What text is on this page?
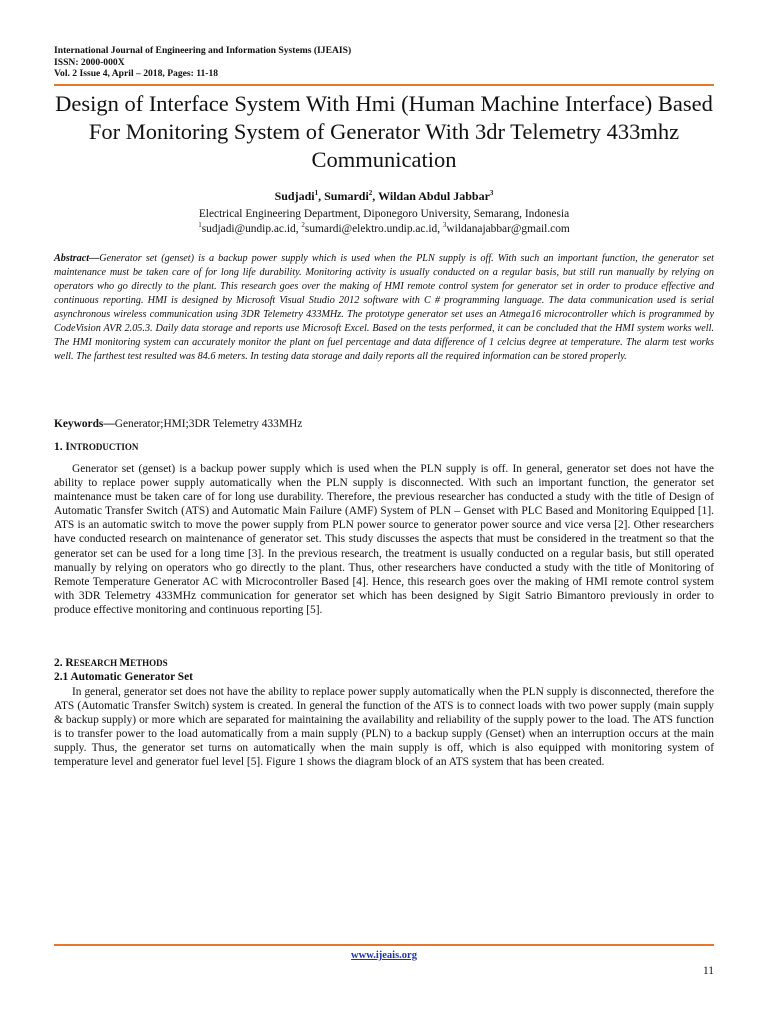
International Journal of Engineering and Information Systems (IJEAIS)
ISSN: 2000-000X
Vol. 2 Issue 4, April – 2018, Pages: 11-18
Design of Interface System With Hmi (Human Machine Interface) Based For Monitoring System of Generator With 3dr Telemetry 433mhz Communication
Sudjadi$^1$, Sumardi$^2$, Wildan Abdul Jabbar$^3$
Electrical Engineering Department, Diponegoro University, Semarang, Indonesia
$^1$sudjadi@undip.ac.id, $^2$sumardi@elektro.undip.ac.id, $^3$wildanajabbar@gmail.com
Abstract—Generator set (genset) is a backup power supply which is used when the PLN supply is off. With such an important function, the generator set maintenance must be taken care of for long life durability. Monitoring activity is usually conducted on a regular basis, but still run manually by relying on operators who go directly to the plant. This research goes over the making of HMI remote control system for generator set in order to produce effective and continuous reporting. HMI is designed by Microsoft Visual Studio 2012 software with C # programming language. The data communication used is serial asynchronous wireless communication using 3DR Telemetry 433MHz. The prototype generator set uses an Atmega16 microcontroller which is programmed by CodeVision AVR 2.05.3. Daily data storage and reports use Microsoft Excel. Based on the tests performed, it can be concluded that the HMI system works well. The HMI monitoring system can accurately monitor the plant on fuel percentage and data difference of 1 celcius degree at temperature. The alarm test works well. The farthest test resulted was 84.6 meters. In testing data storage and daily reports all the required information can be stored properly.
Keywords—Generator;HMI;3DR Telemetry 433MHz
1. INTRODUCTION
Generator set (genset) is a backup power supply which is used when the PLN supply is off. In general, generator set does not have the ability to replace power supply automatically when the PLN supply is disconnected. With such an important function, the generator set maintenance must be taken care of for long use durability. Therefore, the previous researcher has conducted a study with the title of Design of Automatic Transfer Switch (ATS) and Automatic Main Failure (AMF) System of PLN – Genset with PLC Based and Monitoring Equipped [1]. ATS is an automatic switch to move the power supply from PLN power source to generator power source and vice versa [2]. Other researchers have conducted research on maintenance of generator set. This study discusses the aspects that must be considered in the treatment so that the generator set can be used for a long time [3]. In the previous research, the treatment is usually conducted on a regular basis, but still operated manually by relying on operators who go directly to the plant. Thus, other researchers have conducted a study with the title of Monitoring of Remote Temperature Generator AC with Microcontroller Based [4]. Hence, this research goes over the making of HMI remote control system with 3DR Telemetry 433MHz communication for generator set which has been designed by Sigit Satrio Bimantoro previously in order to produce effective monitoring and continuous reporting [5].
2. RESEARCH METHODS
2.1 Automatic Generator Set
In general, generator set does not have the ability to replace power supply automatically when the PLN supply is disconnected, therefore the ATS (Automatic Transfer Switch) system is created. In general the function of the ATS is to connect loads with two power supply (main supply & backup supply) or more which are separated for maintaining the availability and reliability of the supply power to the load. The ATS function is to transfer power to the load automatically from a main supply (PLN) to a backup supply (Genset) when an interruption occurs at the main supply. Thus, the generator set turns on automatically when the main supply is off, which is also equipped with monitoring system of temperature level and generator fuel level [5]. Figure 1 shows the diagram block of an ATS system that has been created.
www.ijeais.org
11
